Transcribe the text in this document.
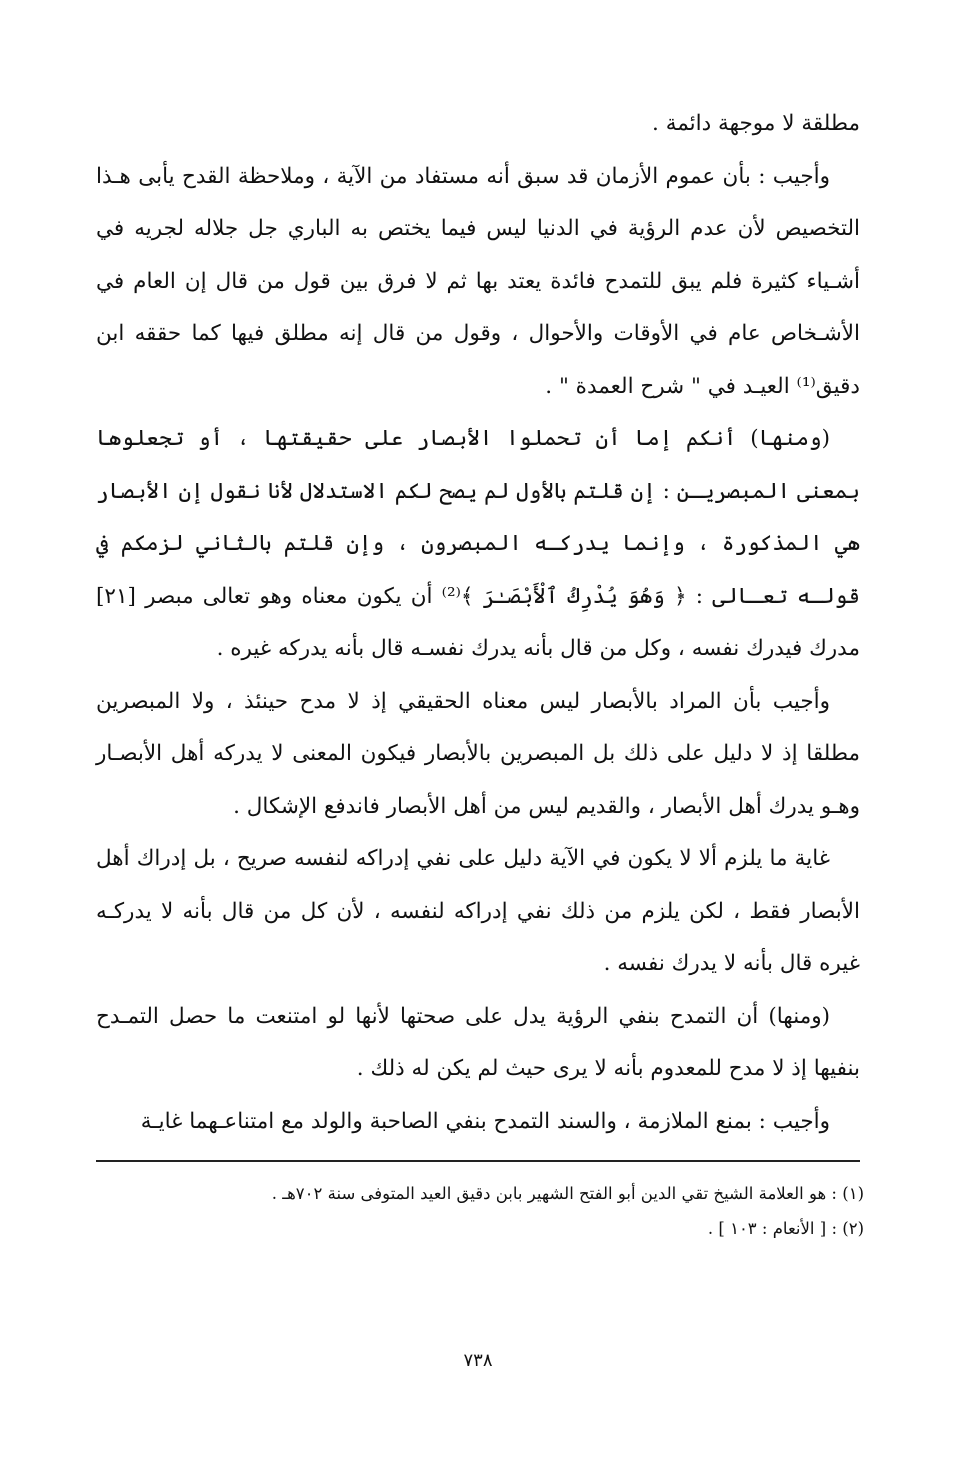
مطلقة لا موجهة دائمة .

وأجيب : بأن عموم الأزمان قد سبق أنه مستفاد من الآية ، وملاحظة القدح يأبى هـذا التخصيص لأن عدم الرؤية في الدنيا ليس فيما يختص به الباري جل جلاله لجريه في أشـياء كثيرة فلم يبق للتمدح فائدة يعتد بها ثم لا فرق بين قول من قال إن العام في الأشـخاص عام في الأوقات والأحوال ، وقول من قال إنه مطلق فيها كما حققه ابن دقيق⁽¹⁾ العيـد في " شرح العمدة " .

(ومنها) أنكم إما أن تحملوا الأبصار على حقيقتها ، أو تجعلوها بمعنى المبصريـن : إن قلتم بالأول لم يصح لكم الاستدلال لأنا نقول إن الأبصار هي المذكورة ، وإنما يدركـه المبصرون ، وإن قلتم بالثاني لزمكم في قولـه تعـالى : ﴿ وَهُوَ يُدْرِكُ ٱلْأَبْصَـٰرَ ﴾⁽²⁾ أن يكون معناه وهو تعالى مبصر [٢١] مدرك فيدرك نفسه ، وكل من قال بأنه يدرك نفسـه قال بأنه يدركه غيره .

وأجيب بأن المراد بالأبصار ليس معناه الحقيقي إذ لا مدح حينئذ ، ولا المبصرين مطلقا إذ لا دليل على ذلك بل المبصرين بالأبصار فيكون المعنى لا يدركه أهل الأبصـار وهـو يدرك أهل الأبصار ، والقديم ليس من أهل الأبصار فاندفع الإشكال .

غاية ما يلزم ألا لا يكون في الآية دليل على نفي إدراكه لنفسه صريح ، بل إدراك أهل الأبصار فقط ، لكن يلزم من ذلك نفي إدراكه لنفسه ، لأن كل من قال بأنه لا يدركـه غيره قال بأنه لا يدرك نفسه .

(ومنها) أن التمدح بنفي الرؤية يدل على صحتها لأنها لو امتنعت ما حصل التمـدح بنفيها إذ لا مدح للمعدوم بأنه لا يرى حيث لم يكن له ذلك .

وأجيب : بمنع الملازمة ، والسند التمدح بنفي الصاحبة والولد مع امتناعـهما غايـة

(١) : هو العلامة الشيخ تقي الدين أبو الفتح الشهير بابن دقيق العيد المتوفى سنة ٧٠٢هـ .

(٢) : [ الأنعام : ١٠٣ ] .

٧٣٨
